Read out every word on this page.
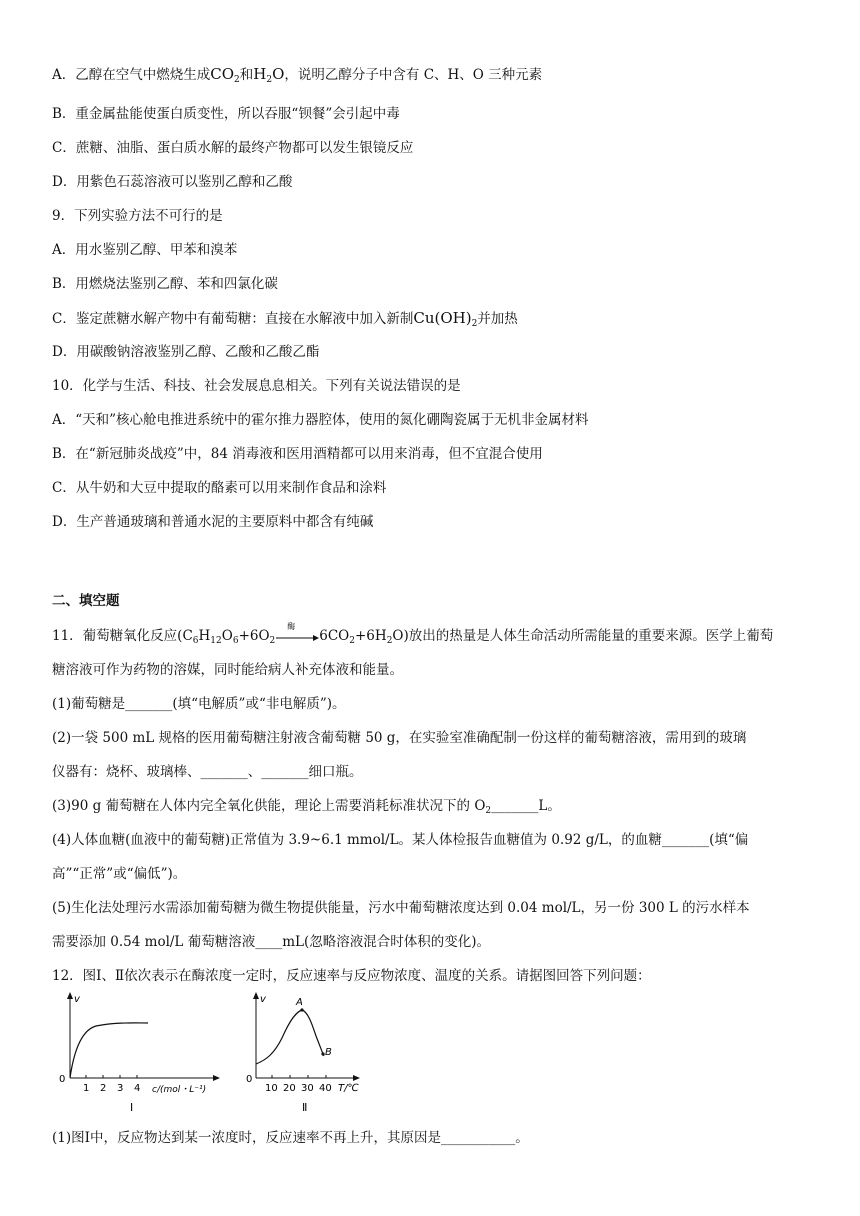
A．乙醇在空气中燃烧生成$CO_2$和$H_2O$，说明乙醇分子中含有 C、H、O 三种元素
B．重金属盐能使蛋白质变性，所以吞服“钡餐”会引起中毒
C．蔗糖、油脂、蛋白质水解的最终产物都可以发生银镜反应
D．用紫色石蕊溶液可以鉴别乙醇和乙酸
9．下列实验方法不可行的是
A．用水鉴别乙醇、甲苯和溴苯
B．用燃烧法鉴别乙醇、苯和四氯化碳
C．鉴定蔗糖水解产物中有葡萄糖：直接在水解液中加入新制$Cu(OH)_2$并加热
D．用碳酸钠溶液鉴别乙醇、乙酸和乙酸乙酯
10．化学与生活、科技、社会发展息息相关。下列有关说法错误的是
A．“天和”核心舱电推进系统中的霍尔推力器腔体，使用的氮化硼陶瓷属于无机非金属材料
B．在“新冠肺炎战疫”中，84 消毒液和医用酒精都可以用来消毒，但不宜混合使用
C．从牛奶和大豆中提取的酪素可以用来制作食品和涂料
D．生产普通玻璃和普通水泥的主要原料中都含有纯碱
二、填空题
11．葡萄糖氧化反应($C_6H_{12}O_6+6O_2$
酶
$6CO_2+6H_2O$)放出的热量是人体生命活动所需能量的重要来源。医学上葡萄
糖溶液可作为药物的溶媒，同时能给病人补充体液和能量。
(1)葡萄糖是_______(填“电解质”或“非电解质”)。
(2)一袋 500 mL 规格的医用葡萄糖注射液含葡萄糖 50 g，在实验室准确配制一份这样的葡萄糖溶液，需用到的玻璃
仪器有：烧杯、玻璃棒、_______、_______细口瓶。
(3)90 g 葡萄糖在人体内完全氧化供能，理论上需要消耗标准状况下的 $O_2\_\_\_\_\_\_\_L$。
(4)人体血糖(血液中的葡萄糖)正常值为 3.9~6.1 mmol/L。某人体检报告血糖值为 0.92 g/L，的血糖_______(填“偏
高”“正常”或“偏低”)。
(5)生化法处理污水需添加葡萄糖为微生物提供能量，污水中葡萄糖浓度达到 0.04 mol/L，另一份 300 L 的污水样本
需要添加 0.54 mol/L 葡萄糖溶液____mL(忽略溶液混合时体积的变化)。
12．图Ⅰ、Ⅱ依次表示在酶浓度一定时，反应速率与反应物浓度、温度的关系。请据图回答下列问题：
v
0
1 2 3 4 c/(mol・L⁻¹)
Ⅰ
v
0
10 20 30 40 T/℃
A
B
Ⅱ
(1)图Ⅰ中，反应物达到某一浓度时，反应速率不再上升，其原因是___________。
